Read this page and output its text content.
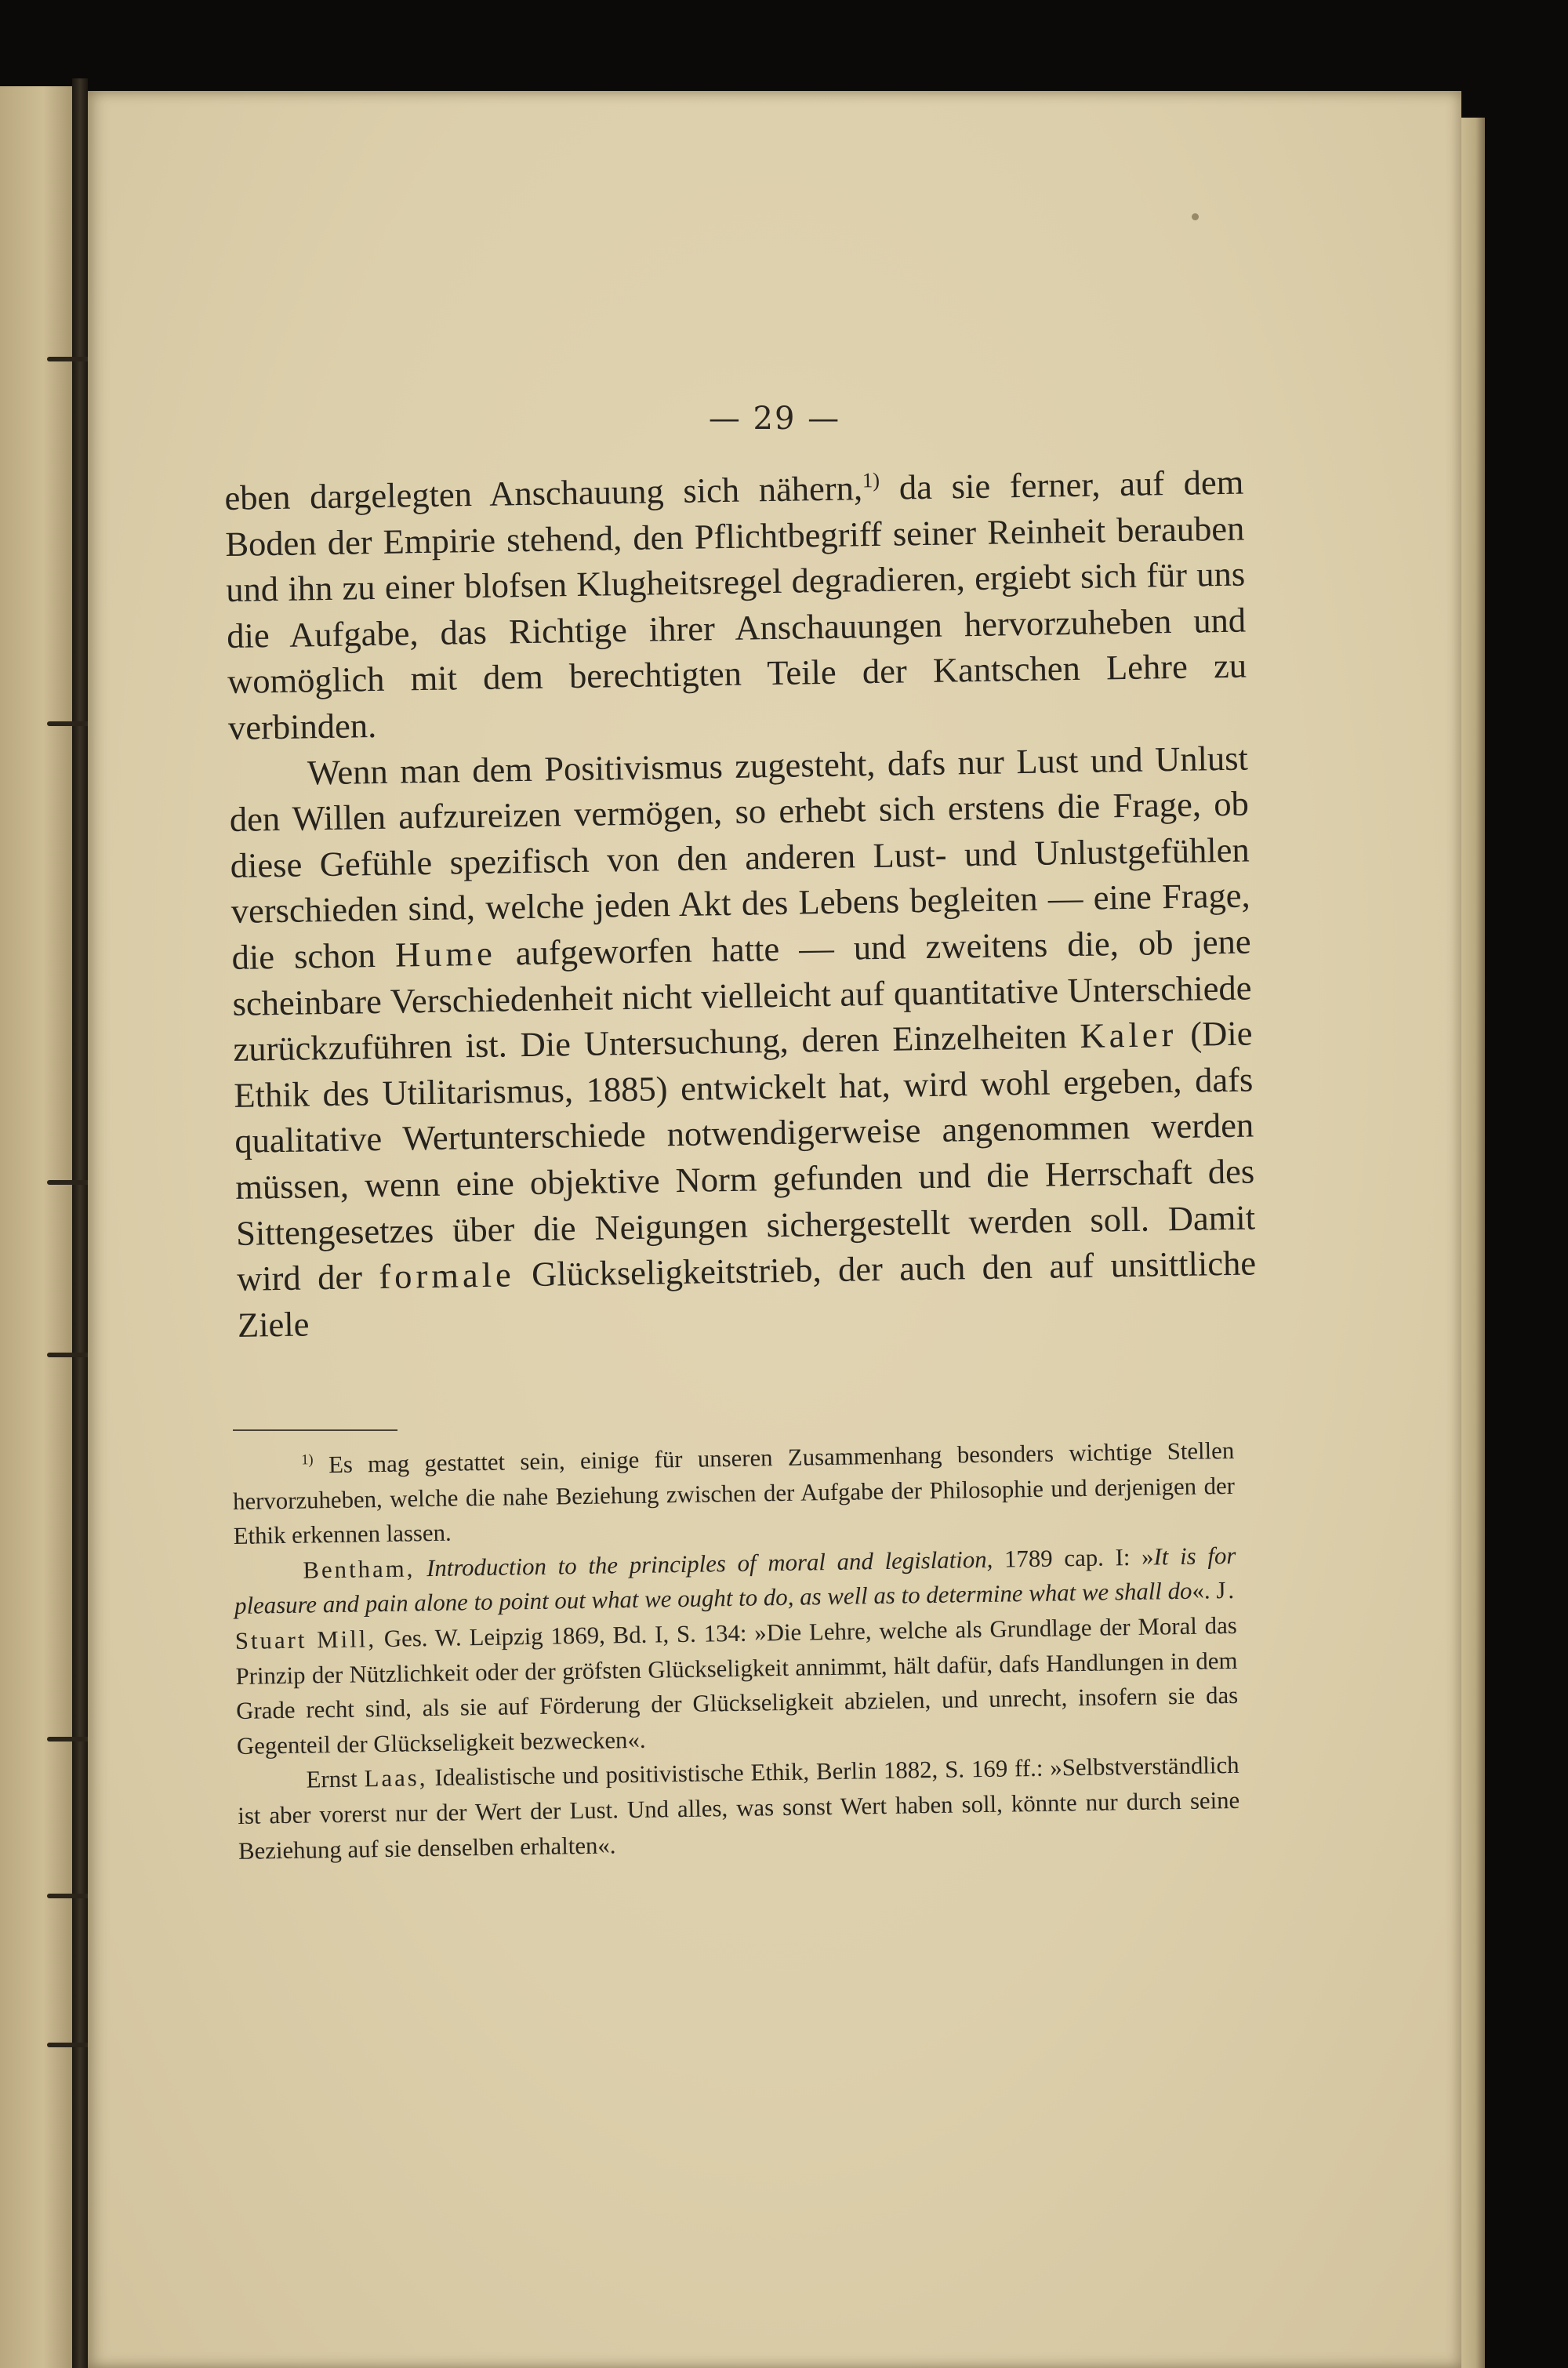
— 29 —

eben dargelegten Anschauung sich nähern,$^{1)}$ da sie ferner, auf dem Boden der Empirie stehend, den Pflichtbegriff seiner Reinheit berauben und ihn zu einer blofsen Klugheitsregel degradieren, ergiebt sich für uns die Aufgabe, das Richtige ihrer Anschauungen hervorzuheben und womöglich mit dem berechtigten Teile der Kantschen Lehre zu verbinden.

Wenn man dem Positivismus zugesteht, dafs nur Lust und Unlust den Willen aufzureizen vermögen, so erhebt sich erstens die Frage, ob diese Gefühle spezifisch von den anderen Lust- und Unlustgefühlen verschieden sind, welche jeden Akt des Lebens begleiten — eine Frage, die schon Hume aufgeworfen hatte — und zweitens die, ob jene scheinbare Verschiedenheit nicht vielleicht auf quantitative Unterschiede zurückzuführen ist. Die Untersuchung, deren Einzelheiten Kaler (Die Ethik des Utilitarismus, 1885) entwickelt hat, wird wohl ergeben, dafs qualitative Wertunterschiede notwendigerweise angenommen werden müssen, wenn eine objektive Norm gefunden und die Herrschaft des Sittengesetzes über die Neigungen sichergestellt werden soll. Damit wird der formale Glückseligkeitstrieb, der auch den auf unsittliche Ziele

$^{1)}$ Es mag gestattet sein, einige für unseren Zusammenhang besonders wichtige Stellen hervorzuheben, welche die nahe Beziehung zwischen der Aufgabe der Philosophie und derjenigen der Ethik erkennen lassen.

Bentham, Introduction to the principles of moral and legislation, 1789 cap. I: »It is for pleasure and pain alone to point out what we ought to do, as well as to determine what we shall do«. J. Stuart Mill, Ges. W. Leipzig 1869, Bd. I, S. 134: »Die Lehre, welche als Grundlage der Moral das Prinzip der Nützlichkeit oder der gröfsten Glückseligkeit annimmt, hält dafür, dafs Handlungen in dem Grade recht sind, als sie auf Förderung der Glückseligkeit abzielen, und unrecht, insofern sie das Gegenteil der Glückseligkeit bezwecken«.

Ernst Laas, Idealistische und positivistische Ethik, Berlin 1882, S. 169 ff.: »Selbstverständlich ist aber vorerst nur der Wert der Lust. Und alles, was sonst Wert haben soll, könnte nur durch seine Beziehung auf sie denselben erhalten«.
